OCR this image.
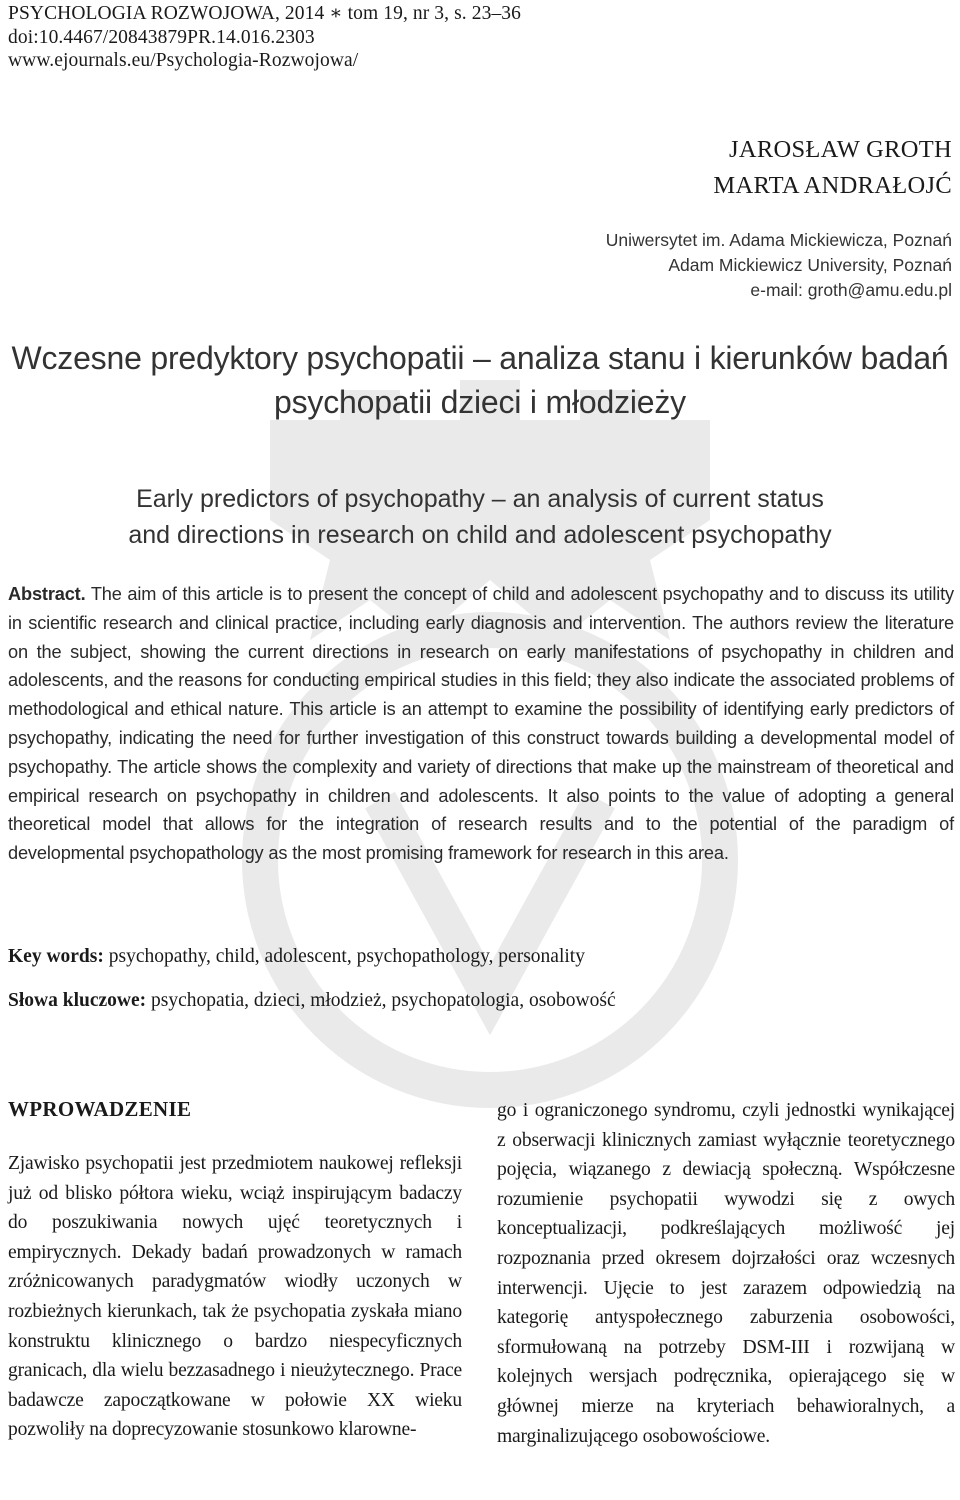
PSYCHOLOGIA ROZWOJOWA, 2014 ∗ tom 19, nr 3, s. 23–36
doi:10.4467/20843879PR.14.016.2303
www.ejournals.eu/Psychologia-Rozwojowa/
JAROSŁAW GROTH
MARTA ANDRAŁOJĆ
Uniwersytet im. Adama Mickiewicza, Poznań
Adam Mickiewicz University, Poznań
e-mail: groth@amu.edu.pl
Wczesne predyktory psychopatii – analiza stanu i kierunków badań psychopatii dzieci i młodzieży
Early predictors of psychopathy – an analysis of current status
and directions in research on child and adolescent psychopathy
Abstract. The aim of this article is to present the concept of child and adolescent psychopathy and to discuss its utility in scientific research and clinical practice, including early diagnosis and intervention. The authors review the literature on the subject, showing the current directions in research on early manifestations of psychopathy in children and adolescents, and the reasons for conducting empirical studies in this field; they also indicate the associated problems of methodological and ethical nature. This article is an attempt to examine the possibility of identifying early predictors of psychopathy, indicating the need for further investigation of this construct towards building a developmental model of psychopathy. The article shows the complexity and variety of directions that make up the mainstream of theoretical and empirical research on psychopathy in children and adolescents. It also points to the value of adopting a general theoretical model that allows for the integration of research results and to the potential of the paradigm of developmental psychopathology as the most promising framework for research in this area.
Key words: psychopathy, child, adolescent, psychopathology, personality
Słowa kluczowe: psychopatia, dzieci, młodzież, psychopatologia, osobowość
WPROWADZENIE

Zjawisko psychopatii jest przedmiotem naukowej refleksji już od blisko półtora wieku, wciąż inspirującym badaczy do poszukiwania nowych ujęć teoretycznych i empirycznych. Dekady badań prowadzonych w ramach zróżnicowanych paradygmatów wiodły uczonych w rozbieżnych kierunkach, tak że psychopatia zyskała miano konstruktu klinicznego o bardzo niespecyficznych granicach, dla wielu bezzasadnego i nieużytecznego. Prace badawcze zapoczątkowane w połowie XX wieku pozwoliły na doprecyzowanie stosunkowo klarowne-

go i ograniczonego syndromu, czyli jednostki wynikającej z obserwacji klinicznych zamiast wyłącznie teoretycznego pojęcia, wiązanego z dewiacją społeczną. Współczesne rozumienie psychopatii wywodzi się z owych konceptualizacji, podkreślających możliwość jej rozpoznania przed okresem dojrzałości oraz wczesnych interwencji. Ujęcie to jest zarazem odpowiedzią na kategorię antyspołecznego zaburzenia osobowości, sformułowaną na potrzeby DSM-III i rozwijaną w kolejnych wersjach podręcznika, opierającego się w głównej mierze na kryteriach behawioralnych, a marginalizującego osobowościowe.
